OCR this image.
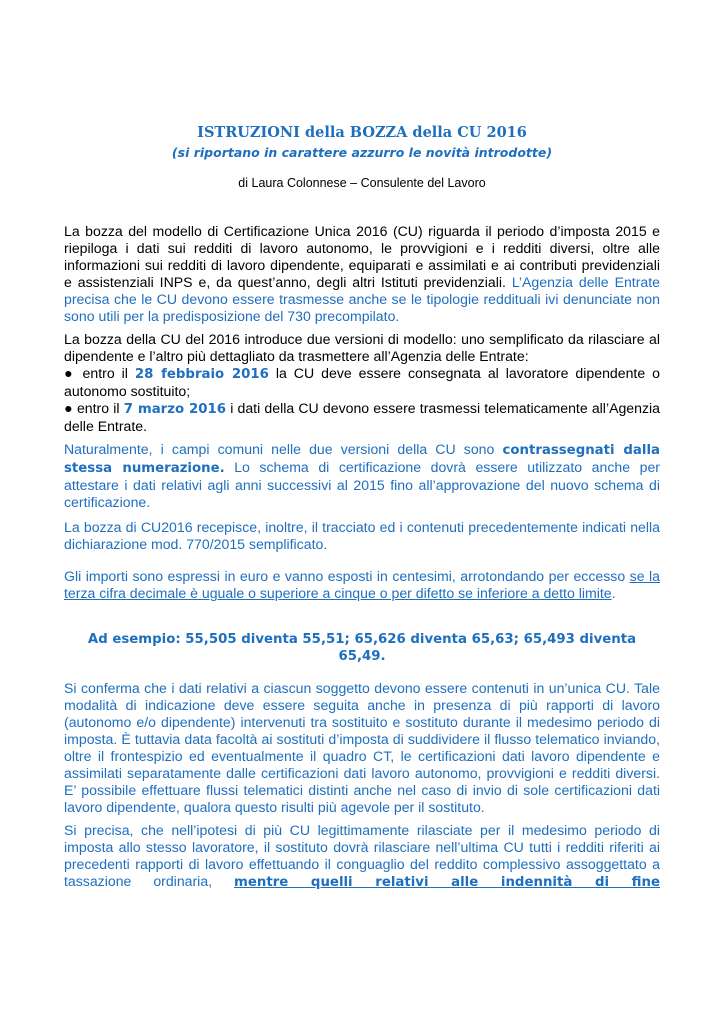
ISTRUZIONI della BOZZA della CU 2016
(si riportano in carattere azzurro le novità introdotte)
di Laura Colonnese – Consulente del Lavoro
La bozza del modello di Certificazione Unica 2016 (CU) riguarda il periodo d’imposta 2015 e riepiloga i dati sui redditi di lavoro autonomo, le provvigioni e i redditi diversi, oltre alle informazioni sui redditi di lavoro dipendente, equiparati e assimilati e ai contributi previdenziali e assistenziali INPS e, da quest’anno, degli altri Istituti previdenziali. L’Agenzia delle Entrate precisa che le CU devono essere trasmesse anche se le tipologie reddituali ivi denunciate non sono utili per la predisposizione del 730 precompilato.
La bozza della CU del 2016 introduce due versioni di modello: uno semplificato da rilasciare al dipendente e l’altro più dettagliato da trasmettere all’Agenzia delle Entrate:
● entro il 28 febbraio 2016 la CU deve essere consegnata al lavoratore dipendente o autonomo sostituito;
● entro il 7 marzo 2016 i dati della CU devono essere trasmessi telematicamente all’Agenzia delle Entrate.
Naturalmente, i campi comuni nelle due versioni della CU sono contrassegnati dalla stessa numerazione. Lo schema di certificazione dovrà essere utilizzato anche per attestare i dati relativi agli anni successivi al 2015 fino all’approvazione del nuovo schema di certificazione.
La bozza di CU2016 recepisce, inoltre, il tracciato ed i contenuti precedentemente indicati nella dichiarazione mod. 770/2015 semplificato.
Gli importi sono espressi in euro e vanno esposti in centesimi, arrotondando per eccesso se la terza cifra decimale è uguale o superiore a cinque o per difetto se inferiore a detto limite.
Ad esempio: 55,505 diventa 55,51; 65,626 diventa 65,63; 65,493 diventa 65,49.
Si conferma che i dati relativi a ciascun soggetto devono essere contenuti in un’unica CU. Tale modalità di indicazione deve essere seguita anche in presenza di più rapporti di lavoro (autonomo e/o dipendente) intervenuti tra sostituito e sostituto durante il medesimo periodo di imposta. È tuttavia data facoltà ai sostituti d’imposta di suddividere il flusso telematico inviando, oltre il frontespizio ed eventualmente il quadro CT, le certificazioni dati lavoro dipendente e assimilati separatamente dalle certificazioni dati lavoro autonomo, provvigioni e redditi diversi. E’ possibile effettuare flussi telematici distinti anche nel caso di invio di sole certificazioni dati lavoro dipendente, qualora questo risulti più agevole per il sostituto.
Si precisa, che nell’ipotesi di più CU legittimamente rilasciate per il medesimo periodo di imposta allo stesso lavoratore, il sostituto dovrà rilasciare nell’ultima CU tutti i redditi riferiti ai precedenti rapporti di lavoro effettuando il conguaglio del reddito complessivo assoggettato a tassazione ordinaria, mentre quelli relativi alle indennità di fine
